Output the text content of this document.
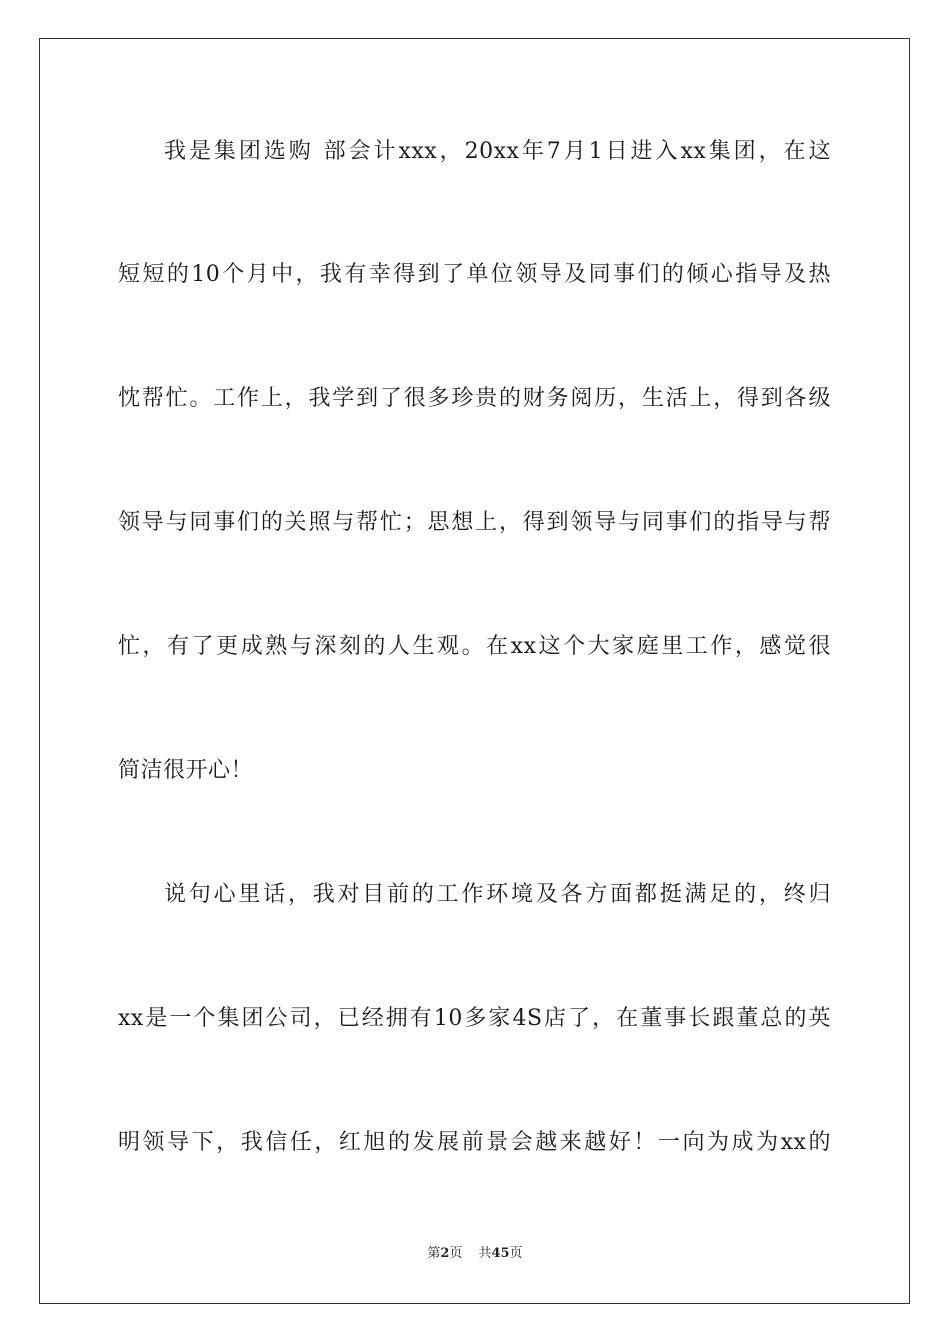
我是集团选购 部会计xxx，20xx年7月1日进入xx集团，在这
短短的10个月中，我有幸得到了单位领导及同事们的倾心指导及热
忱帮忙。工作上，我学到了很多珍贵的财务阅历，生活上，得到各级
领导与同事们的关照与帮忙；思想上，得到领导与同事们的指导与帮
忙，有了更成熟与深刻的人生观。在xx这个大家庭里工作，感觉很
简洁很开心！
说句心里话，我对目前的工作环境及各方面都挺满足的，终归
xx是一个集团公司，已经拥有10多家4S店了，在董事长跟董总的英
明领导下，我信任，红旭的发展前景会越来越好！一向为成为xx的
第2页 共45页
